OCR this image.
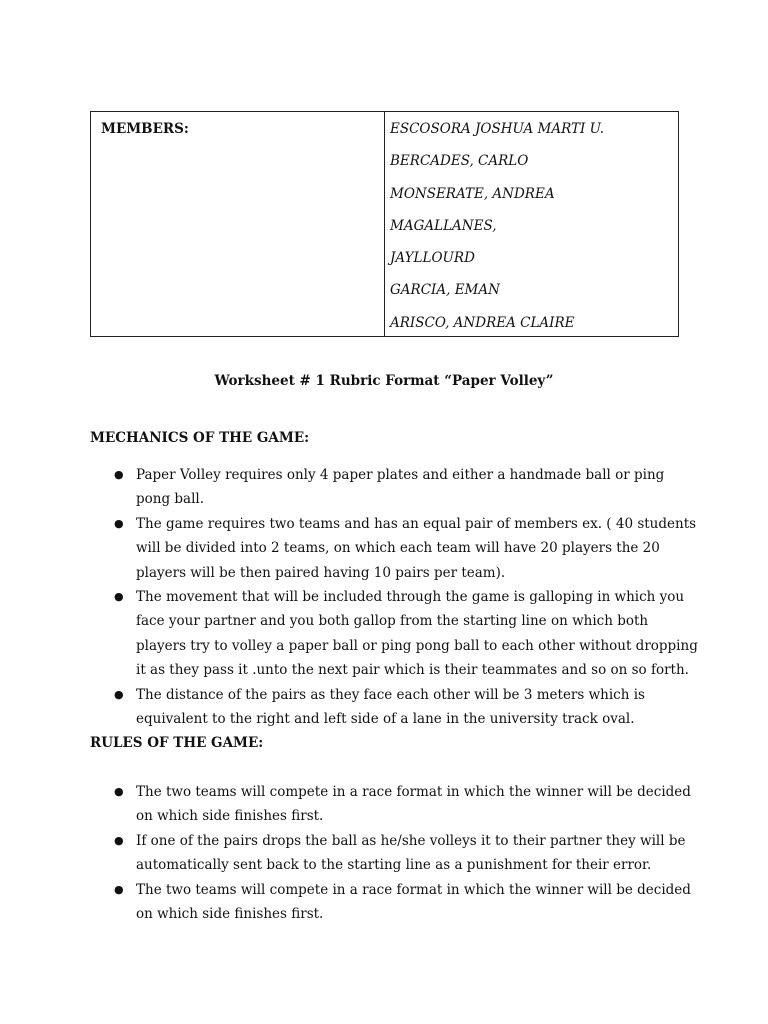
MEMBERS:	ESCOSORA JOSHUA MARTI U.
BERCADES, CARLO
MONSERATE, ANDREA
MAGALLANES,
JAYLLOURD
GARCIA, EMAN
ARISCO, ANDREA CLAIRE
Worksheet # 1 Rubric Format “Paper Volley”
MECHANICS OF THE GAME:
● Paper Volley requires only 4 paper plates and either a handmade ball or ping pong ball.
● The game requires two teams and has an equal pair of members ex. ( 40 students will be divided into 2 teams, on which each team will have 20 players the 20 players will be then paired having 10 pairs per team).
● The movement that will be included through the game is galloping in which you face your partner and you both gallop from the starting line on which both players try to volley a paper ball or ping pong ball to each other without dropping it as they pass it .unto the next pair which is their teammates and so on so forth.
● The distance of the pairs as they face each other will be 3 meters which is equivalent to the right and left side of a lane in the university track oval.
RULES OF THE GAME:
● The two teams will compete in a race format in which the winner will be decided on which side finishes first.
● If one of the pairs drops the ball as he/she volleys it to their partner they will be automatically sent back to the starting line as a punishment for their error.
● The two teams will compete in a race format in which the winner will be decided on which side finishes first.
